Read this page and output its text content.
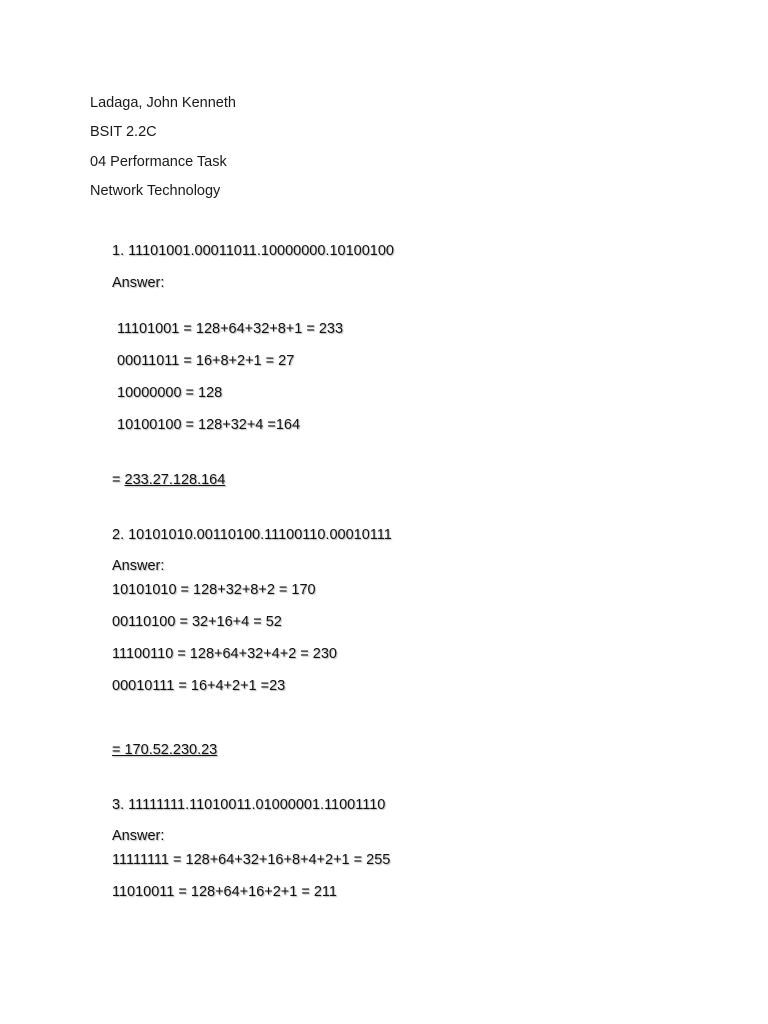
Ladaga, John Kenneth
BSIT 2.2C
04 Performance Task
Network Technology
1. 11101001.00011011.10000000.10100100
Answer:
11101001 = 128+64+32+8+1 = 233
00011011 = 16+8+2+1 = 27
10000000 = 128
10100100 = 128+32+4 =164
= 233.27.128.164
2. 10101010.00110100.11100110.00010111
Answer:
10101010 = 128+32+8+2 = 170
00110100 = 32+16+4 = 52
11100110 = 128+64+32+4+2 = 230
00010111 = 16+4+2+1 =23
= 170.52.230.23
3. 11111111.11010011.01000001.11001110
Answer:
11111111 = 128+64+32+16+8+4+2+1 = 255
11010011 = 128+64+16+2+1 = 211
